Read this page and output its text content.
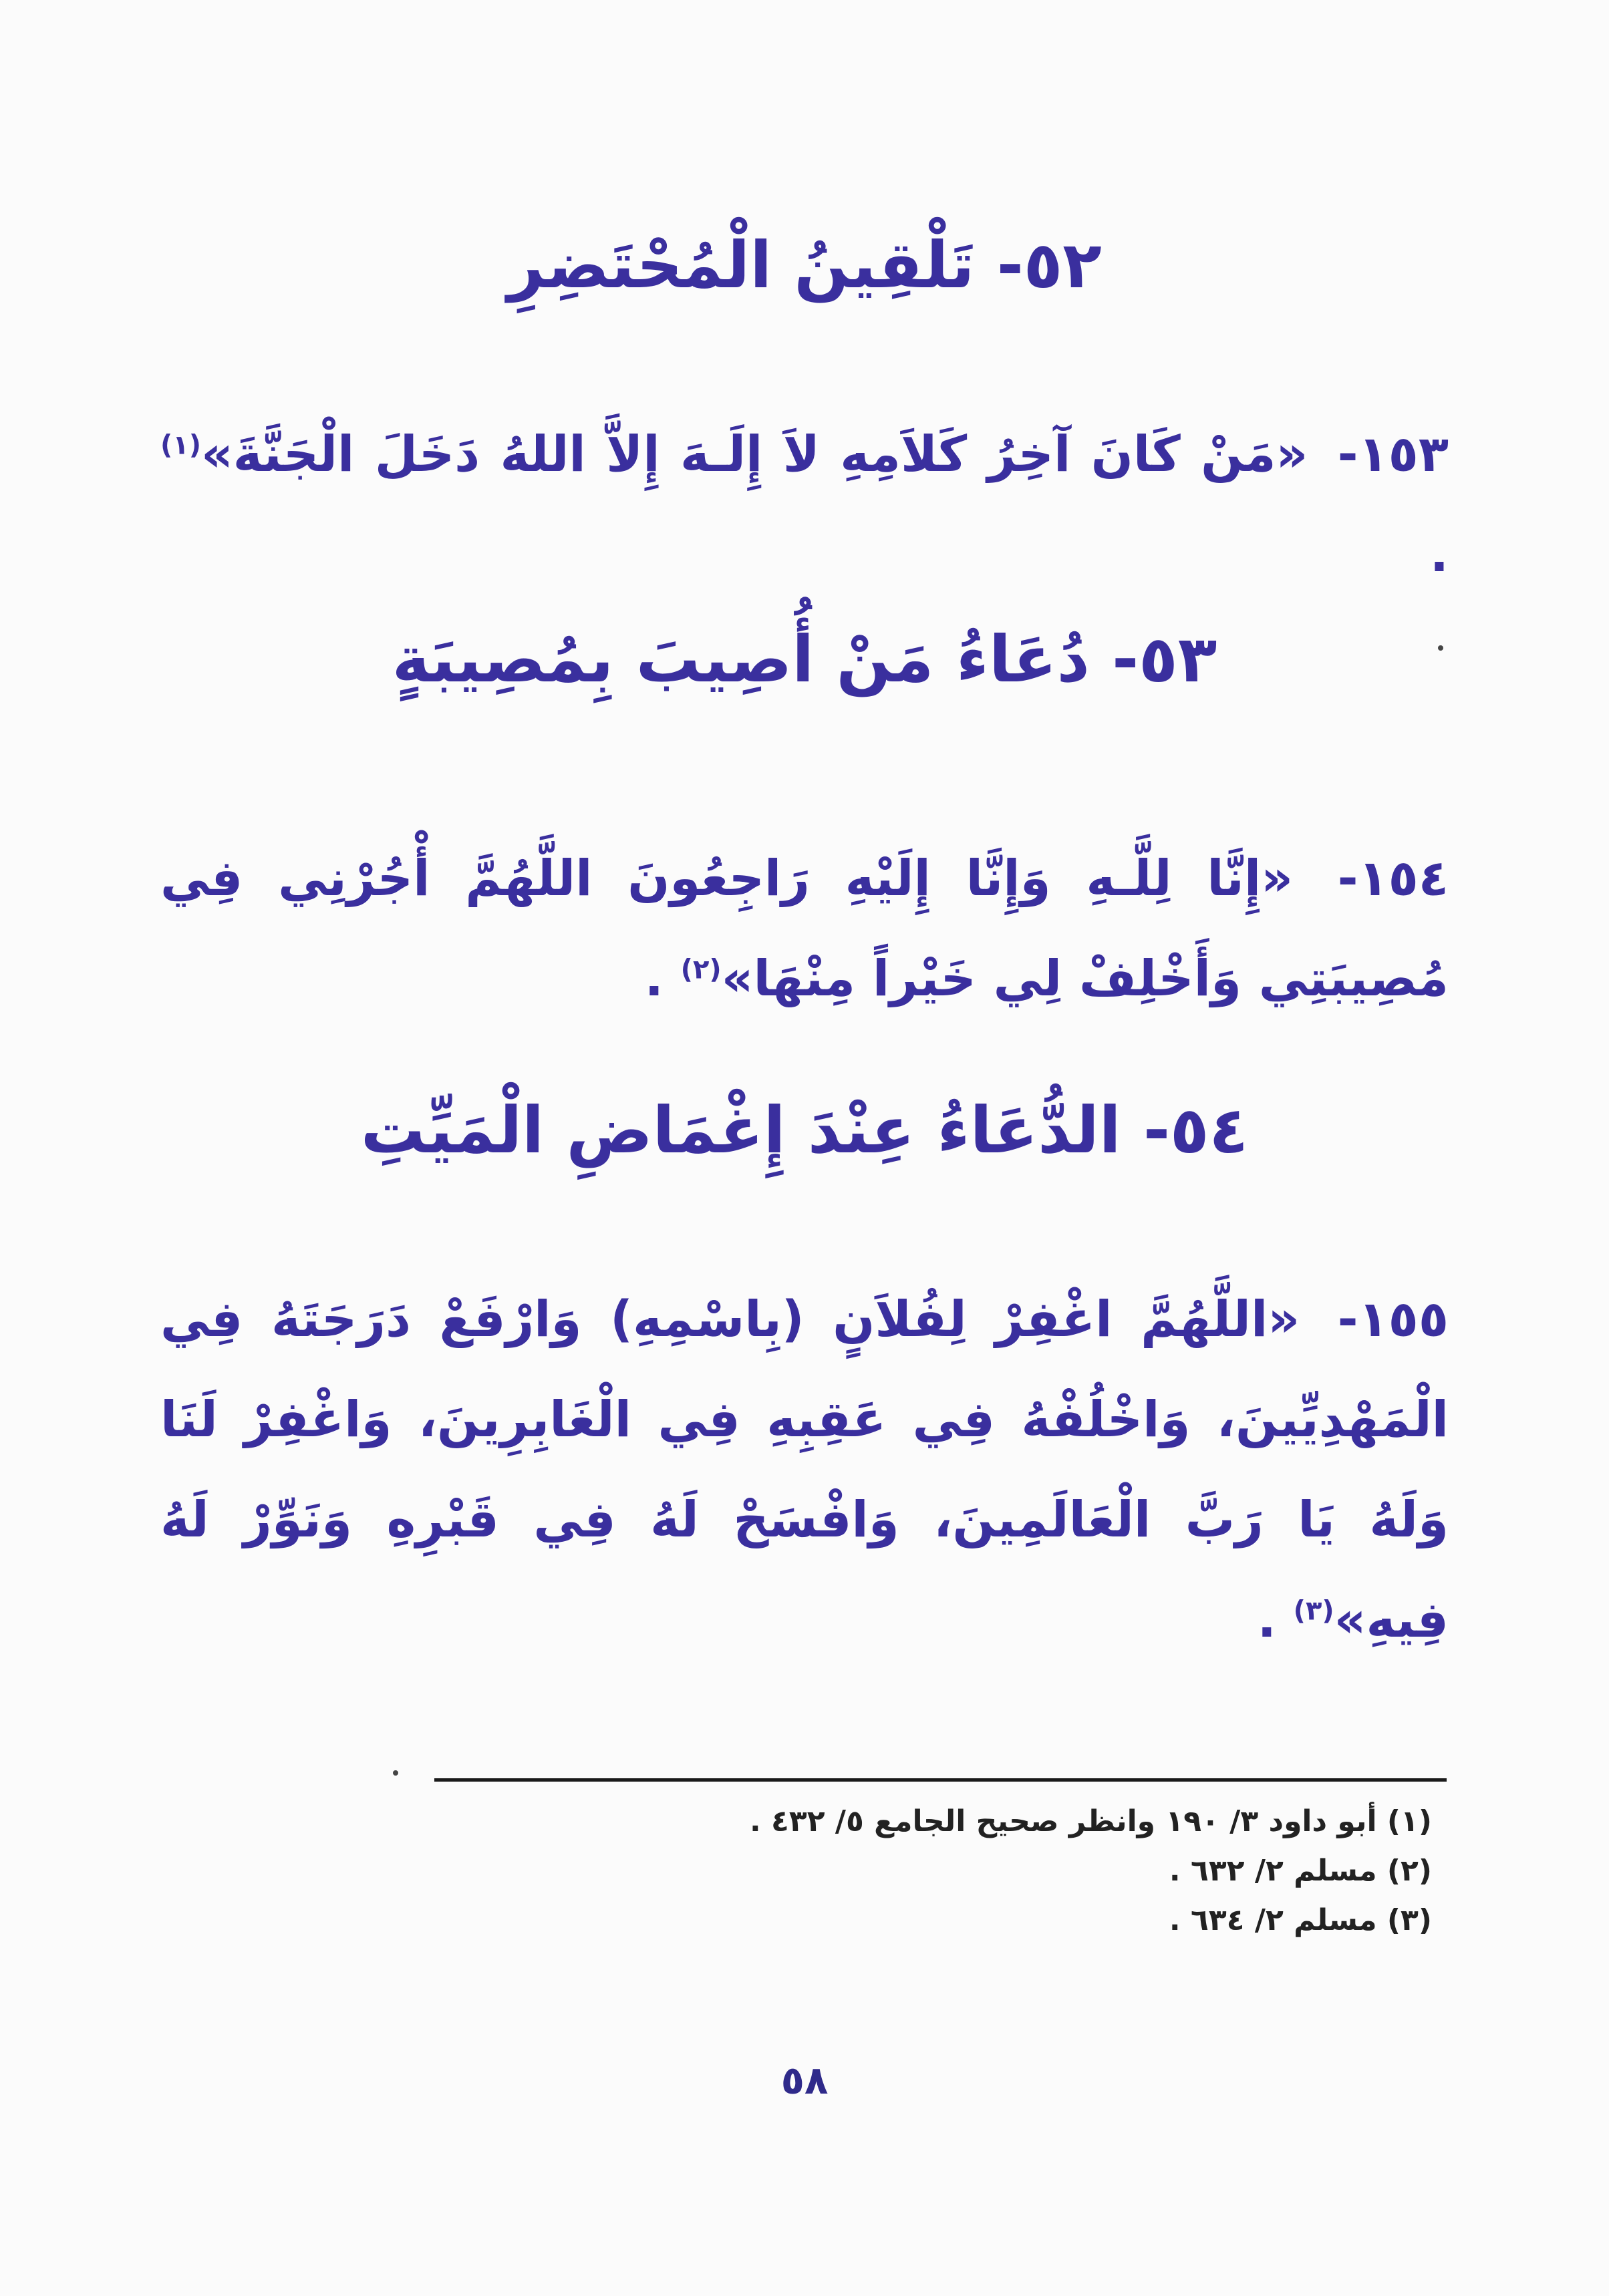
٥٢- تَلْقِينُ الْمُحْتَضِرِ
١٥٣- «مَنْ كَانَ آخِرُ كَلاَمِهِ لاَ إِلَـهَ إِلاَّ اللهُ دَخَلَ الْجَنَّةَ»$^{(١)}$ .
٥٣- دُعَاءُ مَنْ أُصِيبَ بِمُصِيبَةٍ
١٥٤- «إِنَّا لِلَّـهِ وَإِنَّا إِلَيْهِ رَاجِعُونَ اللَّهُمَّ أْجُرْنِي فِي مُصِيبَتِي وَأَخْلِفْ لِي خَيْراً مِنْهَا»$^{(٢)}$ .
٥٤- الدُّعَاءُ عِنْدَ إِغْمَاضِ الْمَيِّتِ
١٥٥- «اللَّهُمَّ اغْفِرْ لِفُلاَنٍ (بِاسْمِهِ) وَارْفَعْ دَرَجَتَهُ فِي الْمَهْدِيِّينَ، وَاخْلُفْهُ فِي عَقِبِهِ فِي الْغَابِرِينَ، وَاغْفِرْ لَنَا وَلَهُ يَا رَبَّ الْعَالَمِينَ، وَافْسَحْ لَهُ فِي قَبْرِهِ وَنَوِّرْ لَهُ فِيهِ»$^{(٣)}$ .
(١) أبو داود ٣/ ١٩٠ وانظر صحيح الجامع ٥/ ٤٣٢ .
(٢) مسلم ٢/ ٦٣٢ .
(٣) مسلم ٢/ ٦٣٤ .
٥٨
